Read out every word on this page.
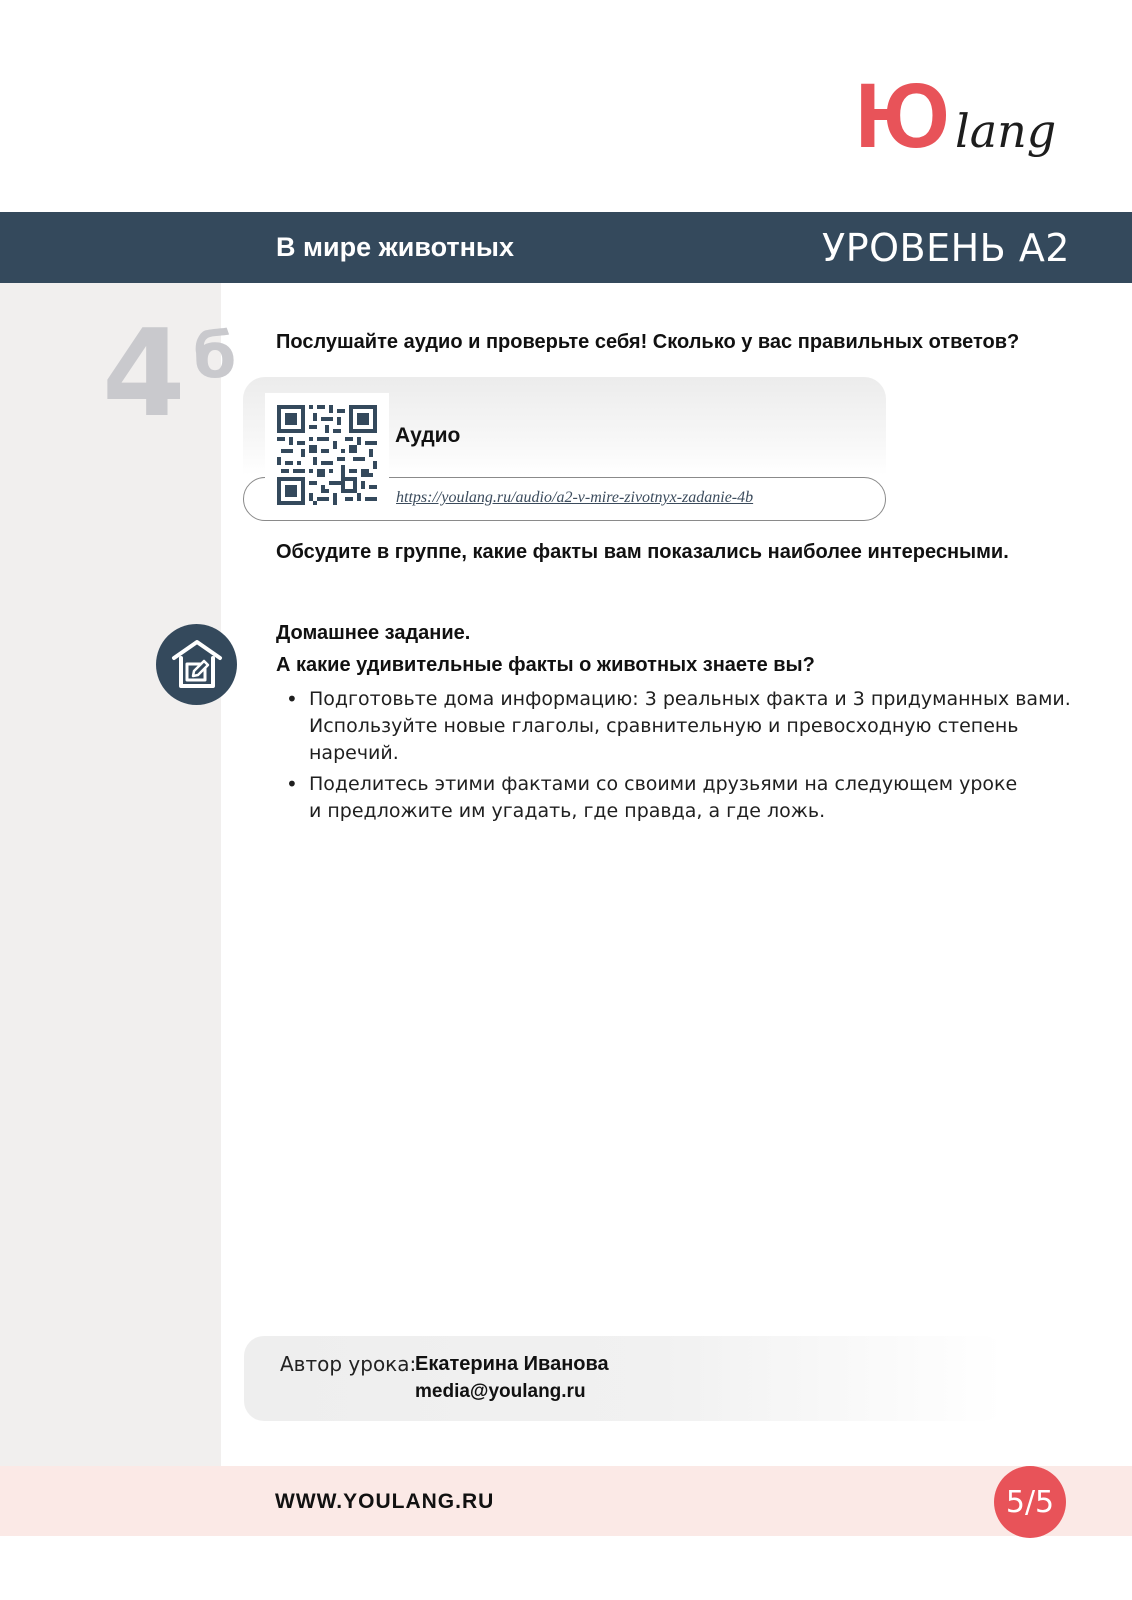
Ю lang
В мире животных	УРОВЕНЬ А2
4 б Послушайте аудио и проверьте себя! Сколько у вас правильных ответов?
Аудио
https://youlang.ru/audio/a2-v-mire-zivotnyx-zadanie-4b
Обсудите в группе, какие факты вам показались наиболее интересными.
Домашнее задание.
А какие удивительные факты о животных знаете вы?
• Подготовьте дома информацию: 3 реальных факта и 3 придуманных вами.
Используйте новые глаголы, сравнительную и превосходную степень наречий.
• Поделитесь этими фактами со своими друзьями на следующем уроке
и предложите им угадать, где правда, а где ложь.
Автор урока:
Екатерина Иванова
media@youlang.ru
WWW.YOULANG.RU	5/5
